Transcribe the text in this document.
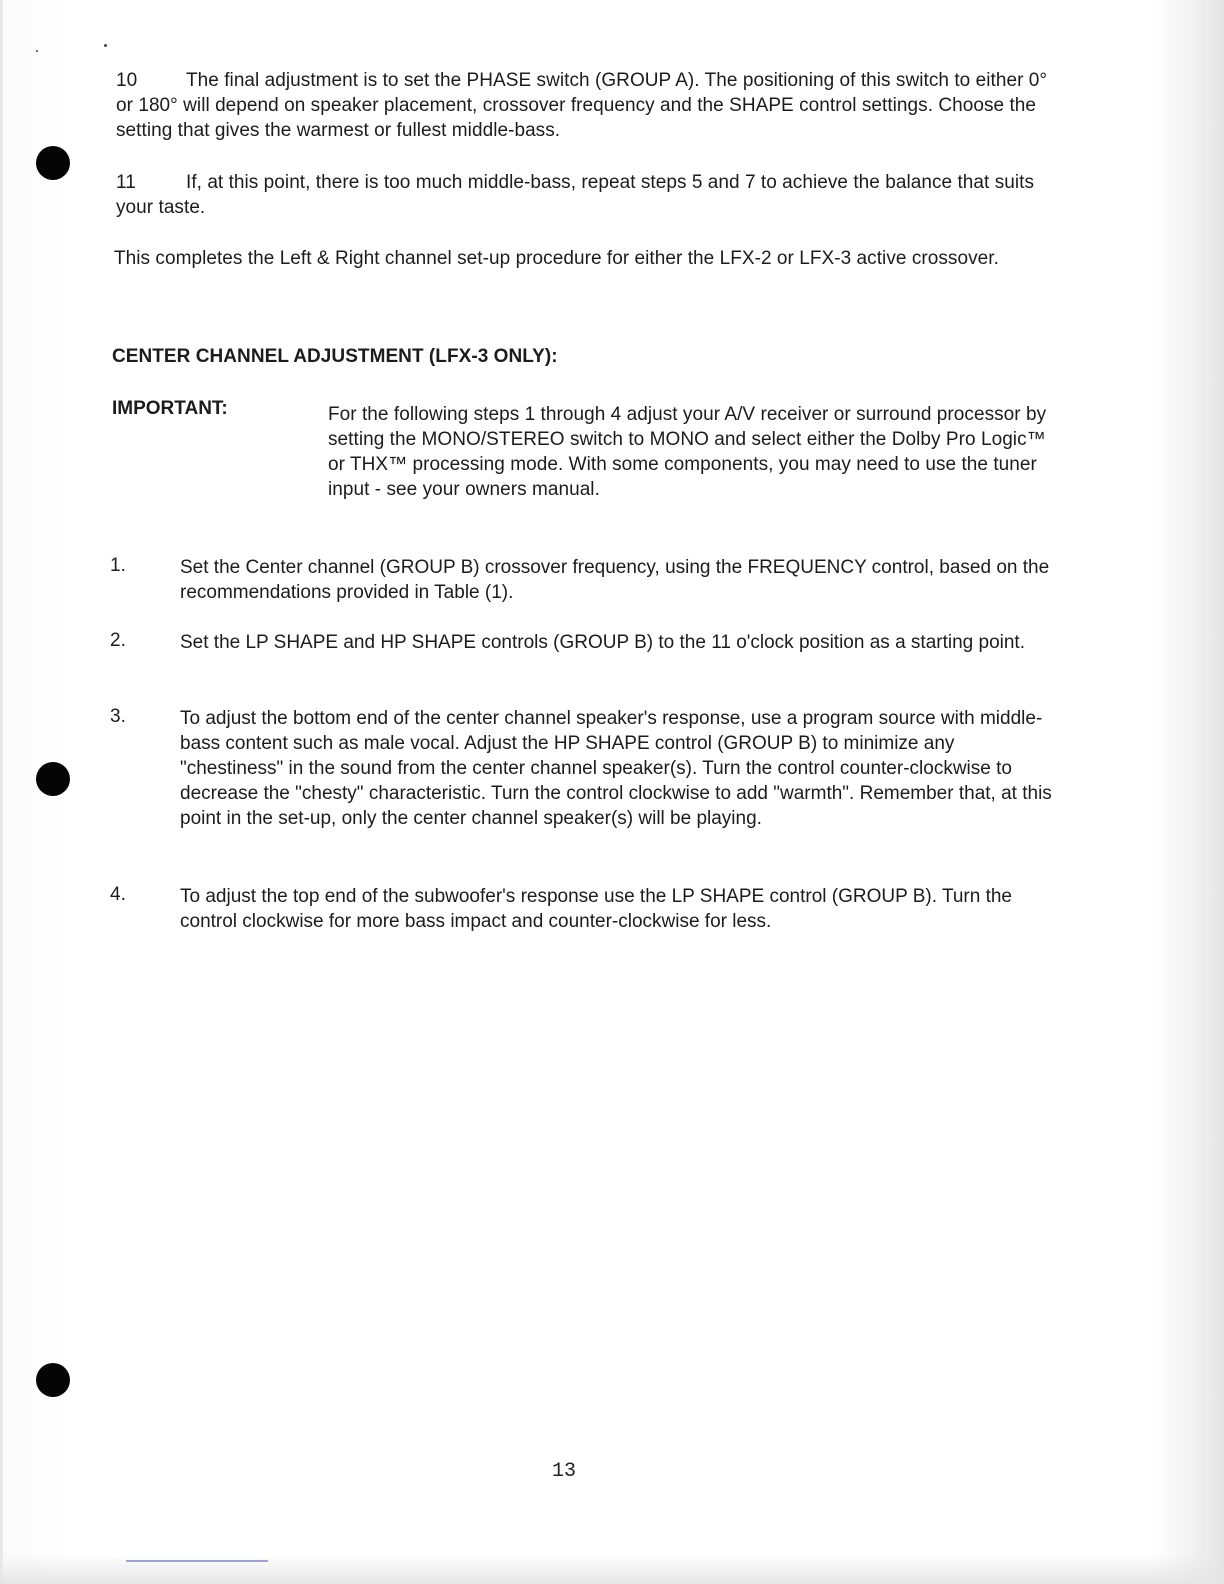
10	The final adjustment is to set the PHASE switch (GROUP A). The positioning of this switch to either 0° or 180° will depend on speaker placement, crossover frequency and the SHAPE control settings. Choose the setting that gives the warmest or fullest middle-bass.
11	If, at this point, there is too much middle-bass, repeat steps 5 and 7 to achieve the balance that suits your taste.
This completes the Left & Right channel set-up procedure for either the LFX-2 or LFX-3 active crossover.
CENTER CHANNEL ADJUSTMENT (LFX-3 ONLY):
IMPORTANT:	For the following steps 1 through 4 adjust your A/V receiver or surround processor by setting the MONO/STEREO switch to MONO and select either the Dolby Pro Logic™ or THX™ processing mode. With some components, you may need to use the tuner input - see your owners manual.
1.	Set the Center channel (GROUP B) crossover frequency, using the FREQUENCY control, based on the recommendations provided in Table (1).
2.	Set the LP SHAPE and HP SHAPE controls (GROUP B) to the 11 o'clock position as a starting point.
3.	To adjust the bottom end of the center channel speaker's response, use a program source with middle-bass content such as male vocal. Adjust the HP SHAPE control (GROUP B) to minimize any "chestiness" in the sound from the center channel speaker(s). Turn the control counter-clockwise to decrease the "chesty" characteristic. Turn the control clockwise to add "warmth". Remember that, at this point in the set-up, only the center channel speaker(s) will be playing.
4.	To adjust the top end of the subwoofer's response use the LP SHAPE control (GROUP B). Turn the control clockwise for more bass impact and counter-clockwise for less.
13
